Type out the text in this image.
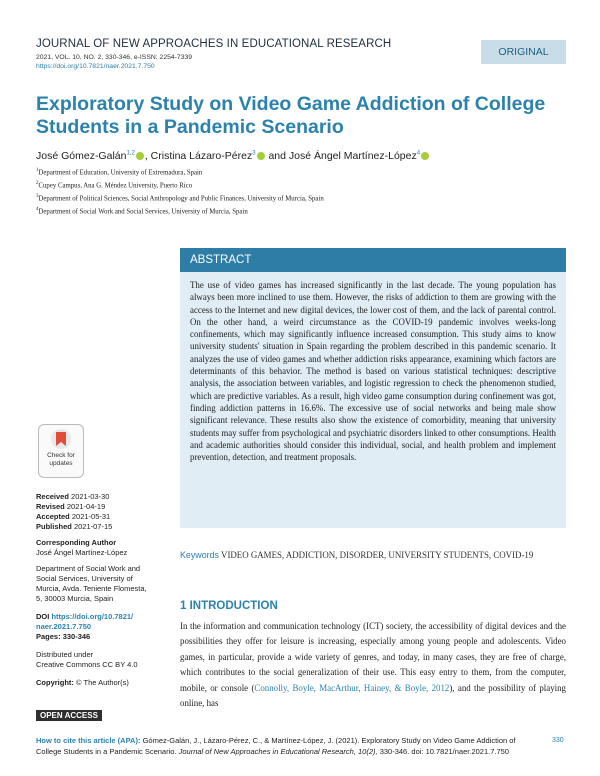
JOURNAL OF NEW APPROACHES IN EDUCATIONAL RESEARCH
2021, VOL. 10, NO. 2, 330-346, e-ISSN: 2254-7339
https://doi.org/10.7821/naer.2021.7.750
ORIGINAL
Exploratory Study on Video Game Addiction of College Students in a Pandemic Scenario
José Gómez-Galán$^{1,2}$ , Cristina Lázaro-Pérez$^3$ and José Ángel Martínez-López$^4$
$^1$Department of Education, University of Extremadura, Spain
$^2$Cupey Campus, Ana G. Méndez University, Puerto Rico
$^3$Department of Political Sciences, Social Anthropology and Public Finances, University of Murcia, Spain
$^4$Department of Social Work and Social Services, University of Murcia, Spain
ABSTRACT
The use of video games has increased significantly in the last decade. The young population has always been more inclined to use them. However, the risks of addiction to them are growing with the access to the Internet and new digital devices, the lower cost of them, and the lack of parental control. On the other hand, a weird circumstance as the COVID-19 pandemic involves weeks-long confinements, which may significantly influence increased consumption. This study aims to know university students' situation in Spain regarding the problem described in this pandemic scenario. It analyzes the use of video games and whether addiction risks appearance, examining which factors are determinants of this behavior. The method is based on various statistical techniques: descriptive analysis, the association between variables, and logistic regression to check the phenomenon studied, which are predictive variables. As a result, high video game consumption during confinement was got, finding addiction patterns in 16.6%. The excessive use of social networks and being male show significant relevance. These results also show the existence of comorbidity, meaning that university students may suffer from psychological and psychiatric disorders linked to other consumptions. Health and academic authorities should consider this individual, social, and health problem and implement prevention, detection, and treatment proposals.
Keywords VIDEO GAMES, ADDICTION, DISORDER, UNIVERSITY STUDENTS, COVID-19
1 INTRODUCTION
In the information and communication technology (ICT) society, the accessibility of digital devices and the possibilities they offer for leisure is increasing, especially among young people and adolescents. Video games, in particular, provide a wide variety of genres, and today, in many cases, they are free of charge, which contributes to the social generalization of their use. This easy entry to them, from the computer, mobile, or console (Connolly, Boyle, MacArthur, Hainey, & Boyle, 2012), and the possibility of playing online, has
Check for updates
Received 2021-03-30
Revised 2021-04-19
Accepted 2021-05-31
Published 2021-07-15
Corresponding Author
José Ángel Martínez-López
Department of Social Work and
Social Services, University of
Murcia, Avda. Teniente Flomesta,
5, 30003 Murcia, Spain
DOI https://doi.org/10.7821/
naer.2021.7.750
Pages: 330-346
Distributed under
Creative Commons CC BY 4.0
Copyright: © The Author(s)
OPEN ACCESS
How to cite this article (APA): Gómez-Galán, J., Lázaro-Pérez, C., & Martínez-López, J. (2021). Exploratory Study on Video Game Addiction of College Students in a Pandemic Scenario. Journal of New Approaches in Educational Research, 10(2), 330-346. doi: 10.7821/naer.2021.7.750
330
